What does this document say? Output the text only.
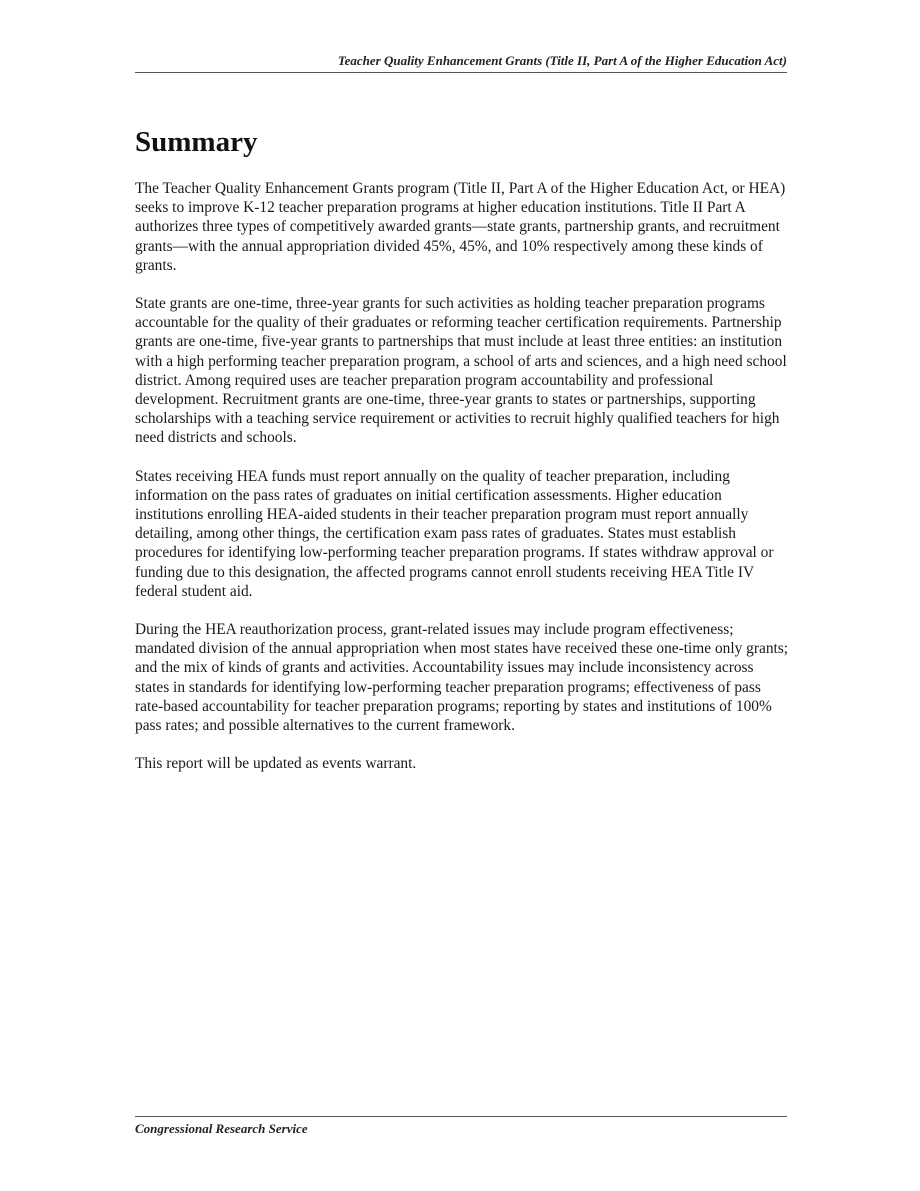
Teacher Quality Enhancement Grants (Title II, Part A of the Higher Education Act)
Summary

The Teacher Quality Enhancement Grants program (Title II, Part A of the Higher Education Act, or HEA) seeks to improve K-12 teacher preparation programs at higher education institutions. Title II Part A authorizes three types of competitively awarded grants—state grants, partnership grants, and recruitment grants—with the annual appropriation divided 45%, 45%, and 10% respectively among these kinds of grants.

State grants are one-time, three-year grants for such activities as holding teacher preparation programs accountable for the quality of their graduates or reforming teacher certification requirements. Partnership grants are one-time, five-year grants to partnerships that must include at least three entities: an institution with a high performing teacher preparation program, a school of arts and sciences, and a high need school district. Among required uses are teacher preparation program accountability and professional development. Recruitment grants are one-time, three-year grants to states or partnerships, supporting scholarships with a teaching service requirement or activities to recruit highly qualified teachers for high need districts and schools.

States receiving HEA funds must report annually on the quality of teacher preparation, including information on the pass rates of graduates on initial certification assessments. Higher education institutions enrolling HEA-aided students in their teacher preparation program must report annually detailing, among other things, the certification exam pass rates of graduates. States must establish procedures for identifying low-performing teacher preparation programs. If states withdraw approval or funding due to this designation, the affected programs cannot enroll students receiving HEA Title IV federal student aid.

During the HEA reauthorization process, grant-related issues may include program effectiveness; mandated division of the annual appropriation when most states have received these one-time only grants; and the mix of kinds of grants and activities. Accountability issues may include inconsistency across states in standards for identifying low-performing teacher preparation programs; effectiveness of pass rate-based accountability for teacher preparation programs; reporting by states and institutions of 100% pass rates; and possible alternatives to the current framework.

This report will be updated as events warrant.

Congressional Research Service
